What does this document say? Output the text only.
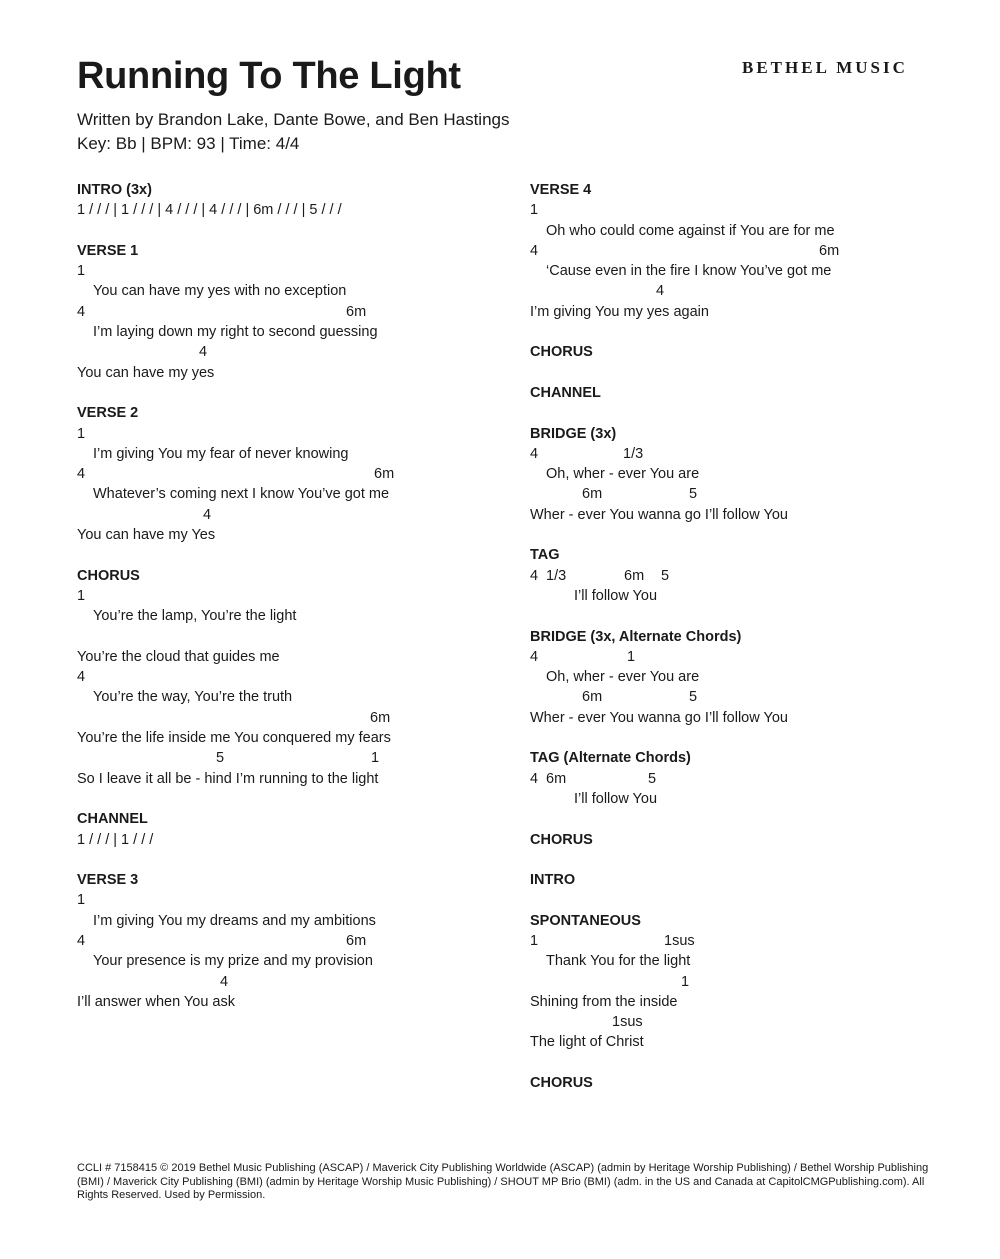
BETHEL MUSIC
Running To The Light
Written by Brandon Lake, Dante Bowe, and Ben Hastings
Key: Bb | BPM: 93 | Time: 4/4
INTRO (3x)
1 / / / | 1 / / / | 4 / / / | 4 / / / | 6m / / / | 5 / / /
VERSE 1
1
You can have my yes with no exception
4	6m
I’m laying down my right to second guessing
4
You can have my yes
VERSE 2
1
I’m giving You my fear of never knowing
4	6m
Whatever’s coming next I know You’ve got me
4
You can have my Yes
CHORUS
1
You’re the lamp, You’re the light
You’re the cloud that guides me
4
You’re the way, You’re the truth
6m
You’re the life inside me You conquered my fears
5	1
So I leave it all be - hind I’m running to the light
CHANNEL
1 / / / | 1 / / /
VERSE 3
1
I’m giving You my dreams and my ambitions
4	6m
Your presence is my prize and my provision
4
I’ll answer when You ask
VERSE 4
1
Oh who could come against if You are for me
4	6m
‘Cause even in the fire I know You’ve got me
4
I’m giving You my yes again
CHORUS
CHANNEL
BRIDGE (3x)
4	1/3
Oh, wher - ever You are
6m	5
Wher - ever You wanna go I’ll follow You
TAG
4 1/3	6m 5
I’ll follow You
BRIDGE (3x, Alternate Chords)
4	1
Oh, wher - ever You are
6m	5
Wher - ever You wanna go I’ll follow You
TAG (Alternate Chords)
4 6m	5
I’ll follow You
CHORUS
INTRO
SPONTANEOUS
1	1sus
Thank You for the light
1
Shining from the inside
1sus
The light of Christ
CHORUS

CCLI # 7158415 © 2019 Bethel Music Publishing (ASCAP) / Maverick City Publishing Worldwide (ASCAP) (admin by Heritage Worship Publishing) / Bethel Worship Publishing (BMI) / Maverick City Publishing (BMI) (admin by Heritage Worship Music Publishing) / SHOUT MP Brio (BMI) (adm. in the US and Canada at CapitolCMGPublishing.com). All Rights Reserved. Used by Permission.
